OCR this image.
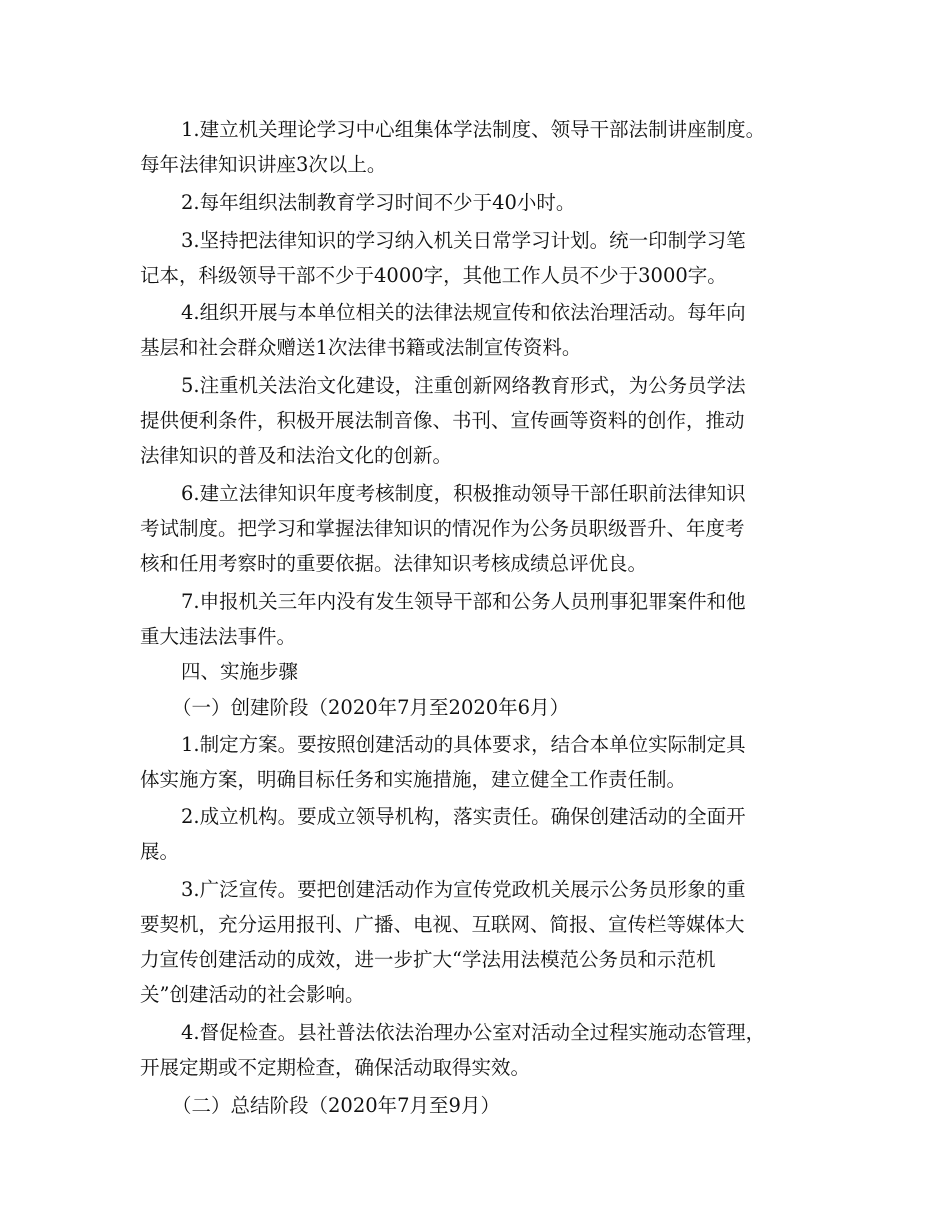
1.建立机关理论学习中心组集体学法制度、领导干部法制讲座制度。
每年法律知识讲座3次以上。
2.每年组织法制教育学习时间不少于40小时。
3.坚持把法律知识的学习纳入机关日常学习计划。统一印制学习笔
记本，科级领导干部不少于4000字，其他工作人员不少于3000字。
4.组织开展与本单位相关的法律法规宣传和依法治理活动。每年向
基层和社会群众赠送1次法律书籍或法制宣传资料。
5.注重机关法治文化建设，注重创新网络教育形式，为公务员学法
提供便利条件，积极开展法制音像、书刊、宣传画等资料的创作，推动
法律知识的普及和法治文化的创新。
6.建立法律知识年度考核制度，积极推动领导干部任职前法律知识
考试制度。把学习和掌握法律知识的情况作为公务员职级晋升、年度考
核和任用考察时的重要依据。法律知识考核成绩总评优良。
7.申报机关三年内没有发生领导干部和公务人员刑事犯罪案件和他
重大违法法事件。
四、实施步骤
（一）创建阶段（2020年7月至2020年6月）
1.制定方案。要按照创建活动的具体要求，结合本单位实际制定具
体实施方案，明确目标任务和实施措施，建立健全工作责任制。
2.成立机构。要成立领导机构，落实责任。确保创建活动的全面开
展。
3.广泛宣传。要把创建活动作为宣传党政机关展示公务员形象的重
要契机，充分运用报刊、广播、电视、互联网、简报、宣传栏等媒体大
力宣传创建活动的成效，进一步扩大“学法用法模范公务员和示范机
关”创建活动的社会影响。
4.督促检查。县社普法依法治理办公室对活动全过程实施动态管理，
开展定期或不定期检查，确保活动取得实效。
（二）总结阶段（2020年7月至9月）
